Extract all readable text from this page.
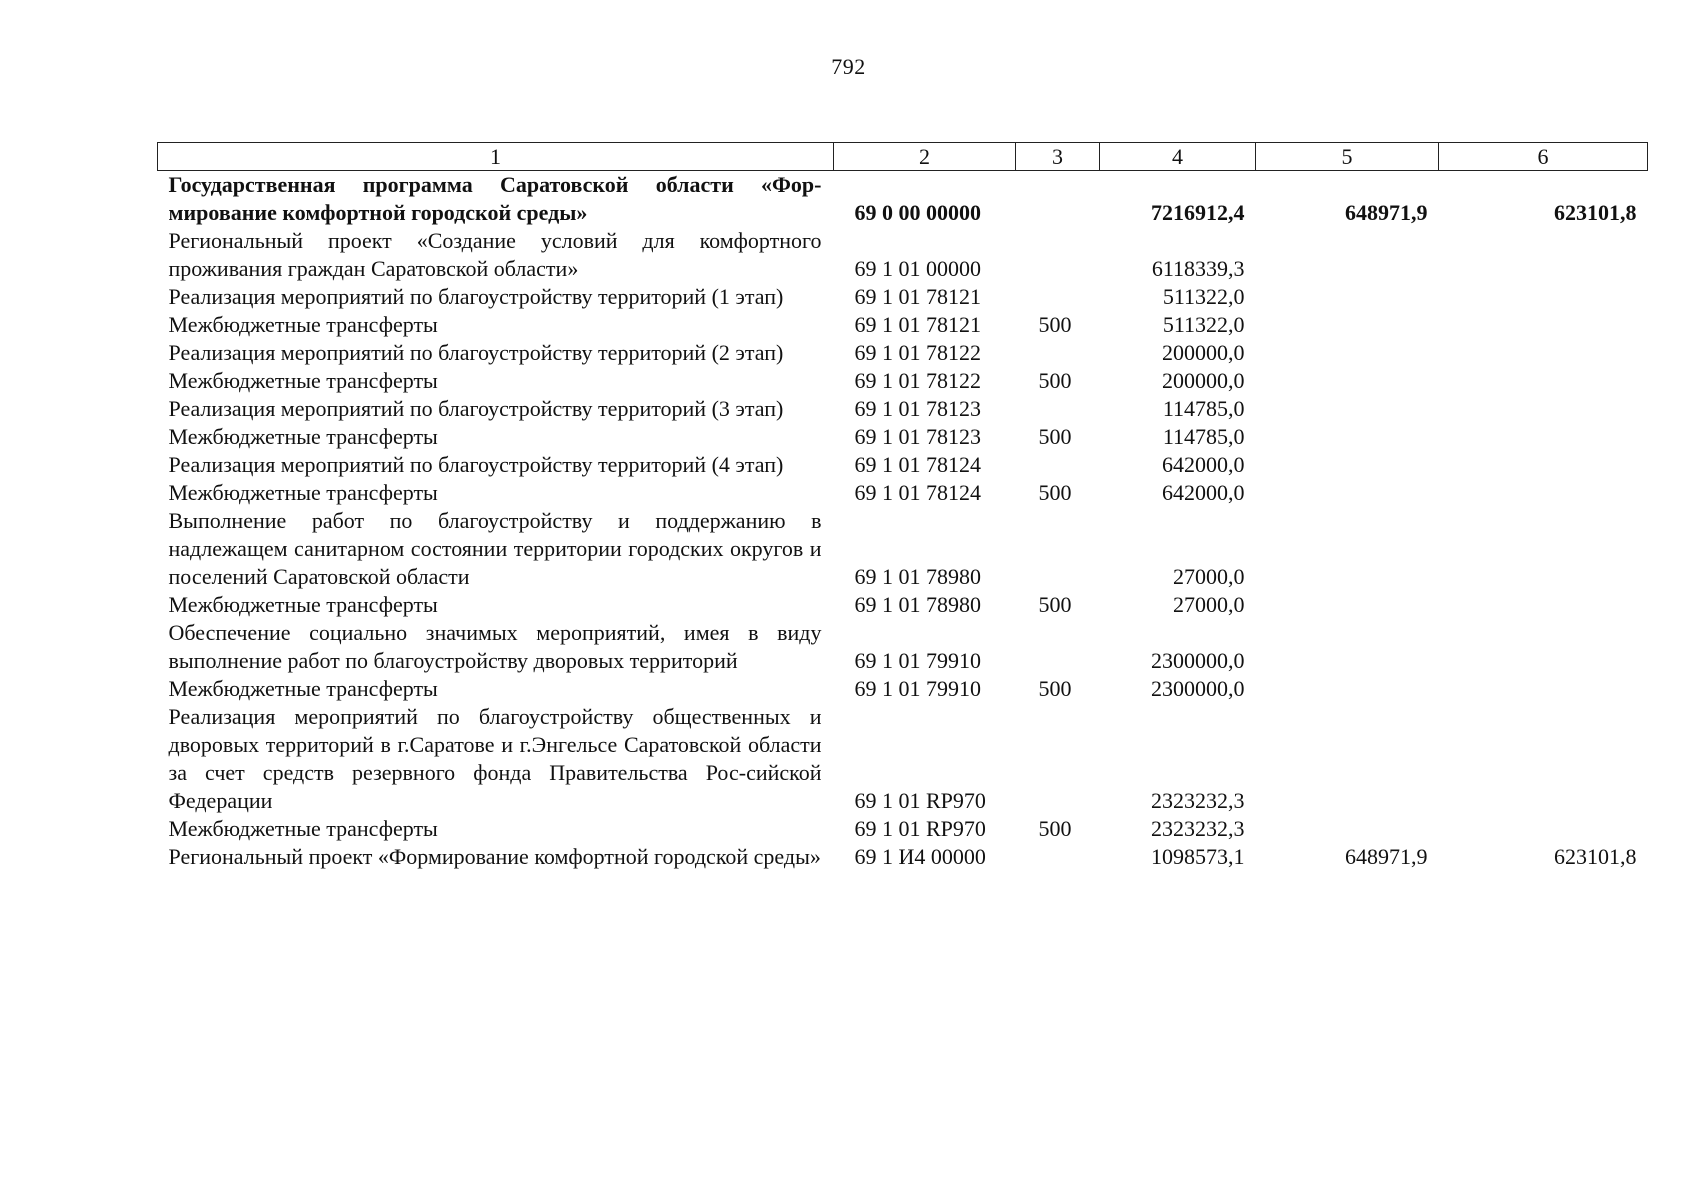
792
1	2	3	4	5	6
Государственная программа Саратовской области «Фор-мирование комфортной городской среды»	69 0 00 00000		7216912,4	648971,9	623101,8
Региональный проект «Создание условий для комфортного проживания граждан Саратовской области»	69 1 01 00000		6118339,3		
Реализация мероприятий по благоустройству территорий (1 этап)	69 1 01 78121		511322,0		
Межбюджетные трансферты	69 1 01 78121	500	511322,0		
Реализация мероприятий по благоустройству территорий (2 этап)	69 1 01 78122		200000,0		
Межбюджетные трансферты	69 1 01 78122	500	200000,0		
Реализация мероприятий по благоустройству территорий (3 этап)	69 1 01 78123		114785,0		
Межбюджетные трансферты	69 1 01 78123	500	114785,0		
Реализация мероприятий по благоустройству территорий (4 этап)	69 1 01 78124		642000,0		
Межбюджетные трансферты	69 1 01 78124	500	642000,0		
Выполнение работ по благоустройству и поддержанию в надлежащем санитарном состоянии территории городских округов и поселений Саратовской области	69 1 01 78980		27000,0		
Межбюджетные трансферты	69 1 01 78980	500	27000,0		
Обеспечение социально значимых мероприятий, имея в виду выполнение работ по благоустройству дворовых территорий	69 1 01 79910		2300000,0		
Межбюджетные трансферты	69 1 01 79910	500	2300000,0		
Реализация мероприятий по благоустройству общественных и дворовых территорий в г.Саратове и г.Энгельсе Саратовской области за счет средств резервного фонда Правительства Рос-сийской Федерации	69 1 01 RP970		2323232,3		
Межбюджетные трансферты	69 1 01 RP970	500	2323232,3		
Региональный проект «Формирование комфортной городской среды»	69 1 И4 00000		1098573,1	648971,9	623101,8
